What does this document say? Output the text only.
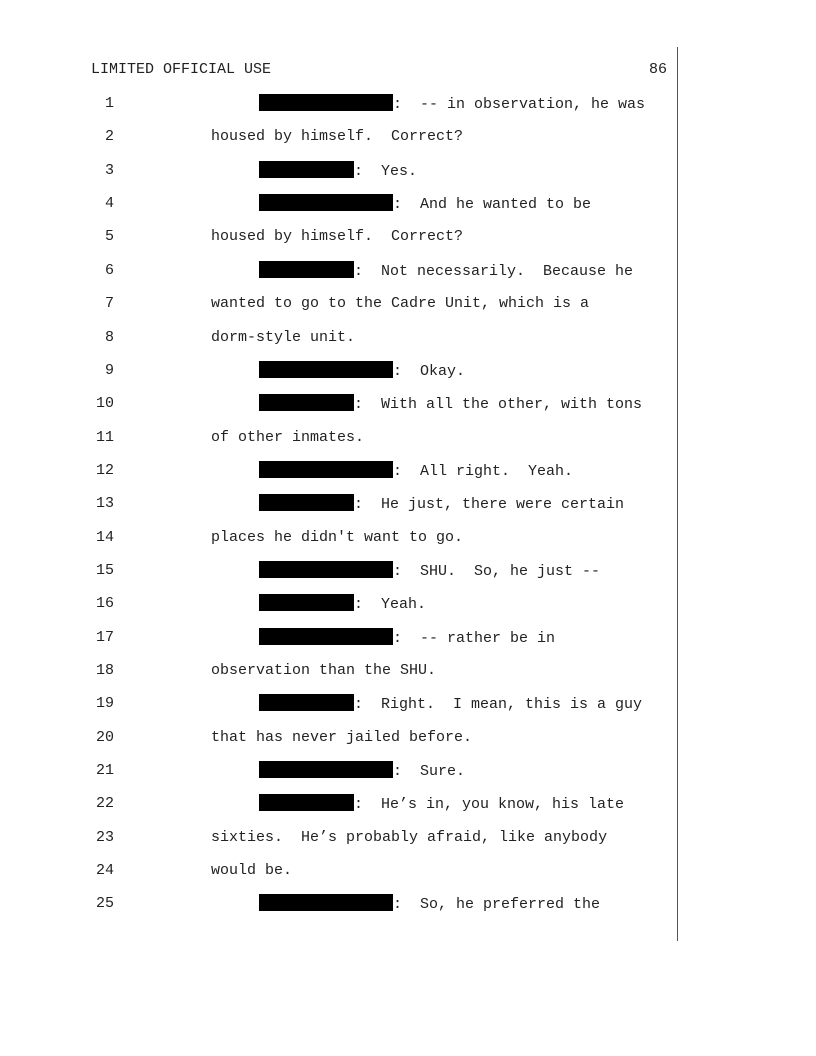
LIMITED OFFICIAL USE	86
1	:  -- in observation, he was
2	housed by himself.  Correct?
3	:  Yes.
4	:  And he wanted to be
5	housed by himself.  Correct?
6	:  Not necessarily.  Because he
7	wanted to go to the Cadre Unit, which is a
8	dorm-style unit.
9	:  Okay.
10	:  With all the other, with tons
11	of other inmates.
12	:  All right.  Yeah.
13	:  He just, there were certain
14	places he didn't want to go.
15	:  SHU.  So, he just --
16	:  Yeah.
17	:  -- rather be in
18	observation than the SHU.
19	:  Right.  I mean, this is a guy
20	that has never jailed before.
21	:  Sure.
22	:  He’s in, you know, his late
23	sixties.  He’s probably afraid, like anybody
24	would be.
25	:  So, he preferred the
